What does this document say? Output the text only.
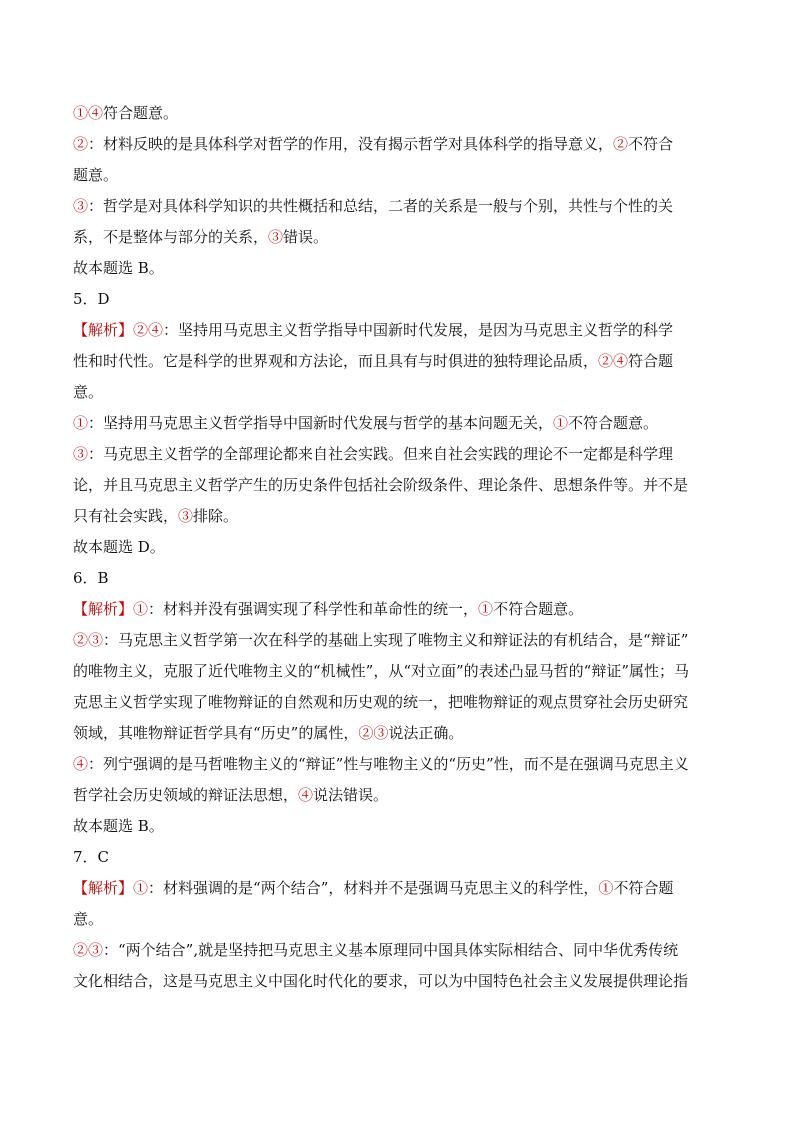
①④符合题意。
②：材料反映的是具体科学对哲学的作用，没有揭示哲学对具体科学的指导意义，②不符合
题意。
③：哲学是对具体科学知识的共性概括和总结，二者的关系是一般与个别，共性与个性的关
系，不是整体与部分的关系，③错误。
故本题选 B。
5．D
【解析】②④：坚持用马克思主义哲学指导中国新时代发展，是因为马克思主义哲学的科学
性和时代性。它是科学的世界观和方法论，而且具有与时俱进的独特理论品质，②④符合题
意。
①：坚持用马克思主义哲学指导中国新时代发展与哲学的基本问题无关，①不符合题意。
③：马克思主义哲学的全部理论都来自社会实践。但来自社会实践的理论不一定都是科学理
论，并且马克思主义哲学产生的历史条件包括社会阶级条件、理论条件、思想条件等。并不是
只有社会实践，③排除。
故本题选 D。
6．B
【解析】①：材料并没有强调实现了科学性和革命性的统一，①不符合题意。
②③：马克思主义哲学第一次在科学的基础上实现了唯物主义和辩证法的有机结合，是“辩证”
的唯物主义，克服了近代唯物主义的“机械性”，从“对立面”的表述凸显马哲的“辩证”属性；马
克思主义哲学实现了唯物辩证的自然观和历史观的统一，把唯物辩证的观点贯穿社会历史研究
领域，其唯物辩证哲学具有“历史”的属性，②③说法正确。
④：列宁强调的是马哲唯物主义的“辩证”性与唯物主义的“历史”性，而不是在强调马克思主义
哲学社会历史领域的辩证法思想，④说法错误。
故本题选 B。
7．C
【解析】①：材料强调的是“两个结合”，材料并不是强调马克思主义的科学性，①不符合题
意。
②③：“两个结合”,就是坚持把马克思主义基本原理同中国具体实际相结合、同中华优秀传统
文化相结合，这是马克思主义中国化时代化的要求，可以为中国特色社会主义发展提供理论指
